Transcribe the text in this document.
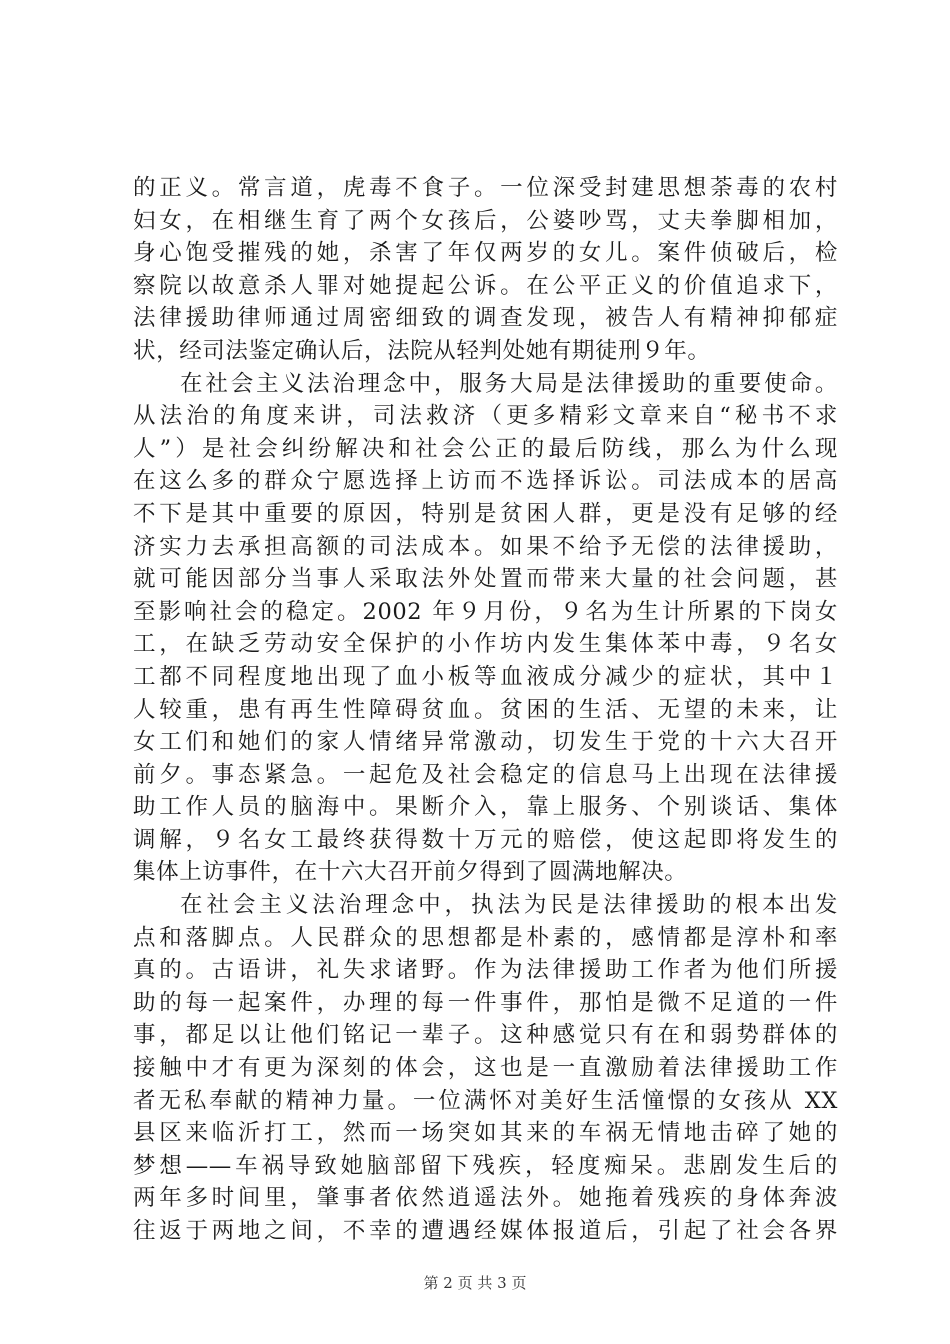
的正义。常言道，虎毒不食子。一位深受封建思想荼毒的农村
妇女，在相继生育了两个女孩后，公婆吵骂，丈夫拳脚相加，
身心饱受摧残的她，杀害了年仅两岁的女儿。案件侦破后，检
察院以故意杀人罪对她提起公诉。在公平正义的价值追求下，
法律援助律师通过周密细致的调查发现，被告人有精神抑郁症
状，经司法鉴定确认后，法院从轻判处她有期徒刑９年。
在社会主义法治理念中，服务大局是法律援助的重要使命。
从法治的角度来讲，司法救济（更多精彩文章来自“秘书不求
人”）是社会纠纷解决和社会公正的最后防线，那么为什么现
在这么多的群众宁愿选择上访而不选择诉讼。司法成本的居高
不下是其中重要的原因，特别是贫困人群，更是没有足够的经
济实力去承担高额的司法成本。如果不给予无偿的法律援助，
就可能因部分当事人采取法外处置而带来大量的社会问题，甚
至影响社会的稳定。2002 年９月份，９名为生计所累的下岗女
工，在缺乏劳动安全保护的小作坊内发生集体苯中毒，９名女
工都不同程度地出现了血小板等血液成分减少的症状，其中１
人较重，患有再生性障碍贫血。贫困的生活、无望的未来，让
女工们和她们的家人情绪异常激动，切发生于党的十六大召开
前夕。事态紧急。一起危及社会稳定的信息马上出现在法律援
助工作人员的脑海中。果断介入，靠上服务、个别谈话、集体
调解，９名女工最终获得数十万元的赔偿，使这起即将发生的
集体上访事件，在十六大召开前夕得到了圆满地解决。
在社会主义法治理念中，执法为民是法律援助的根本出发
点和落脚点。人民群众的思想都是朴素的，感情都是淳朴和率
真的。古语讲，礼失求诸野。作为法律援助工作者为他们所援
助的每一起案件，办理的每一件事件，那怕是微不足道的一件
事，都足以让他们铭记一辈子。这种感觉只有在和弱势群体的
接触中才有更为深刻的体会，这也是一直激励着法律援助工作
者无私奉献的精神力量。一位满怀对美好生活憧憬的女孩从 XX
县区来临沂打工，然而一场突如其来的车祸无情地击碎了她的
梦想——车祸导致她脑部留下残疾，轻度痴呆。悲剧发生后的
两年多时间里，肇事者依然逍遥法外。她拖着残疾的身体奔波
往返于两地之间，不幸的遭遇经媒体报道后，引起了社会各界
第 2 页 共 3 页
